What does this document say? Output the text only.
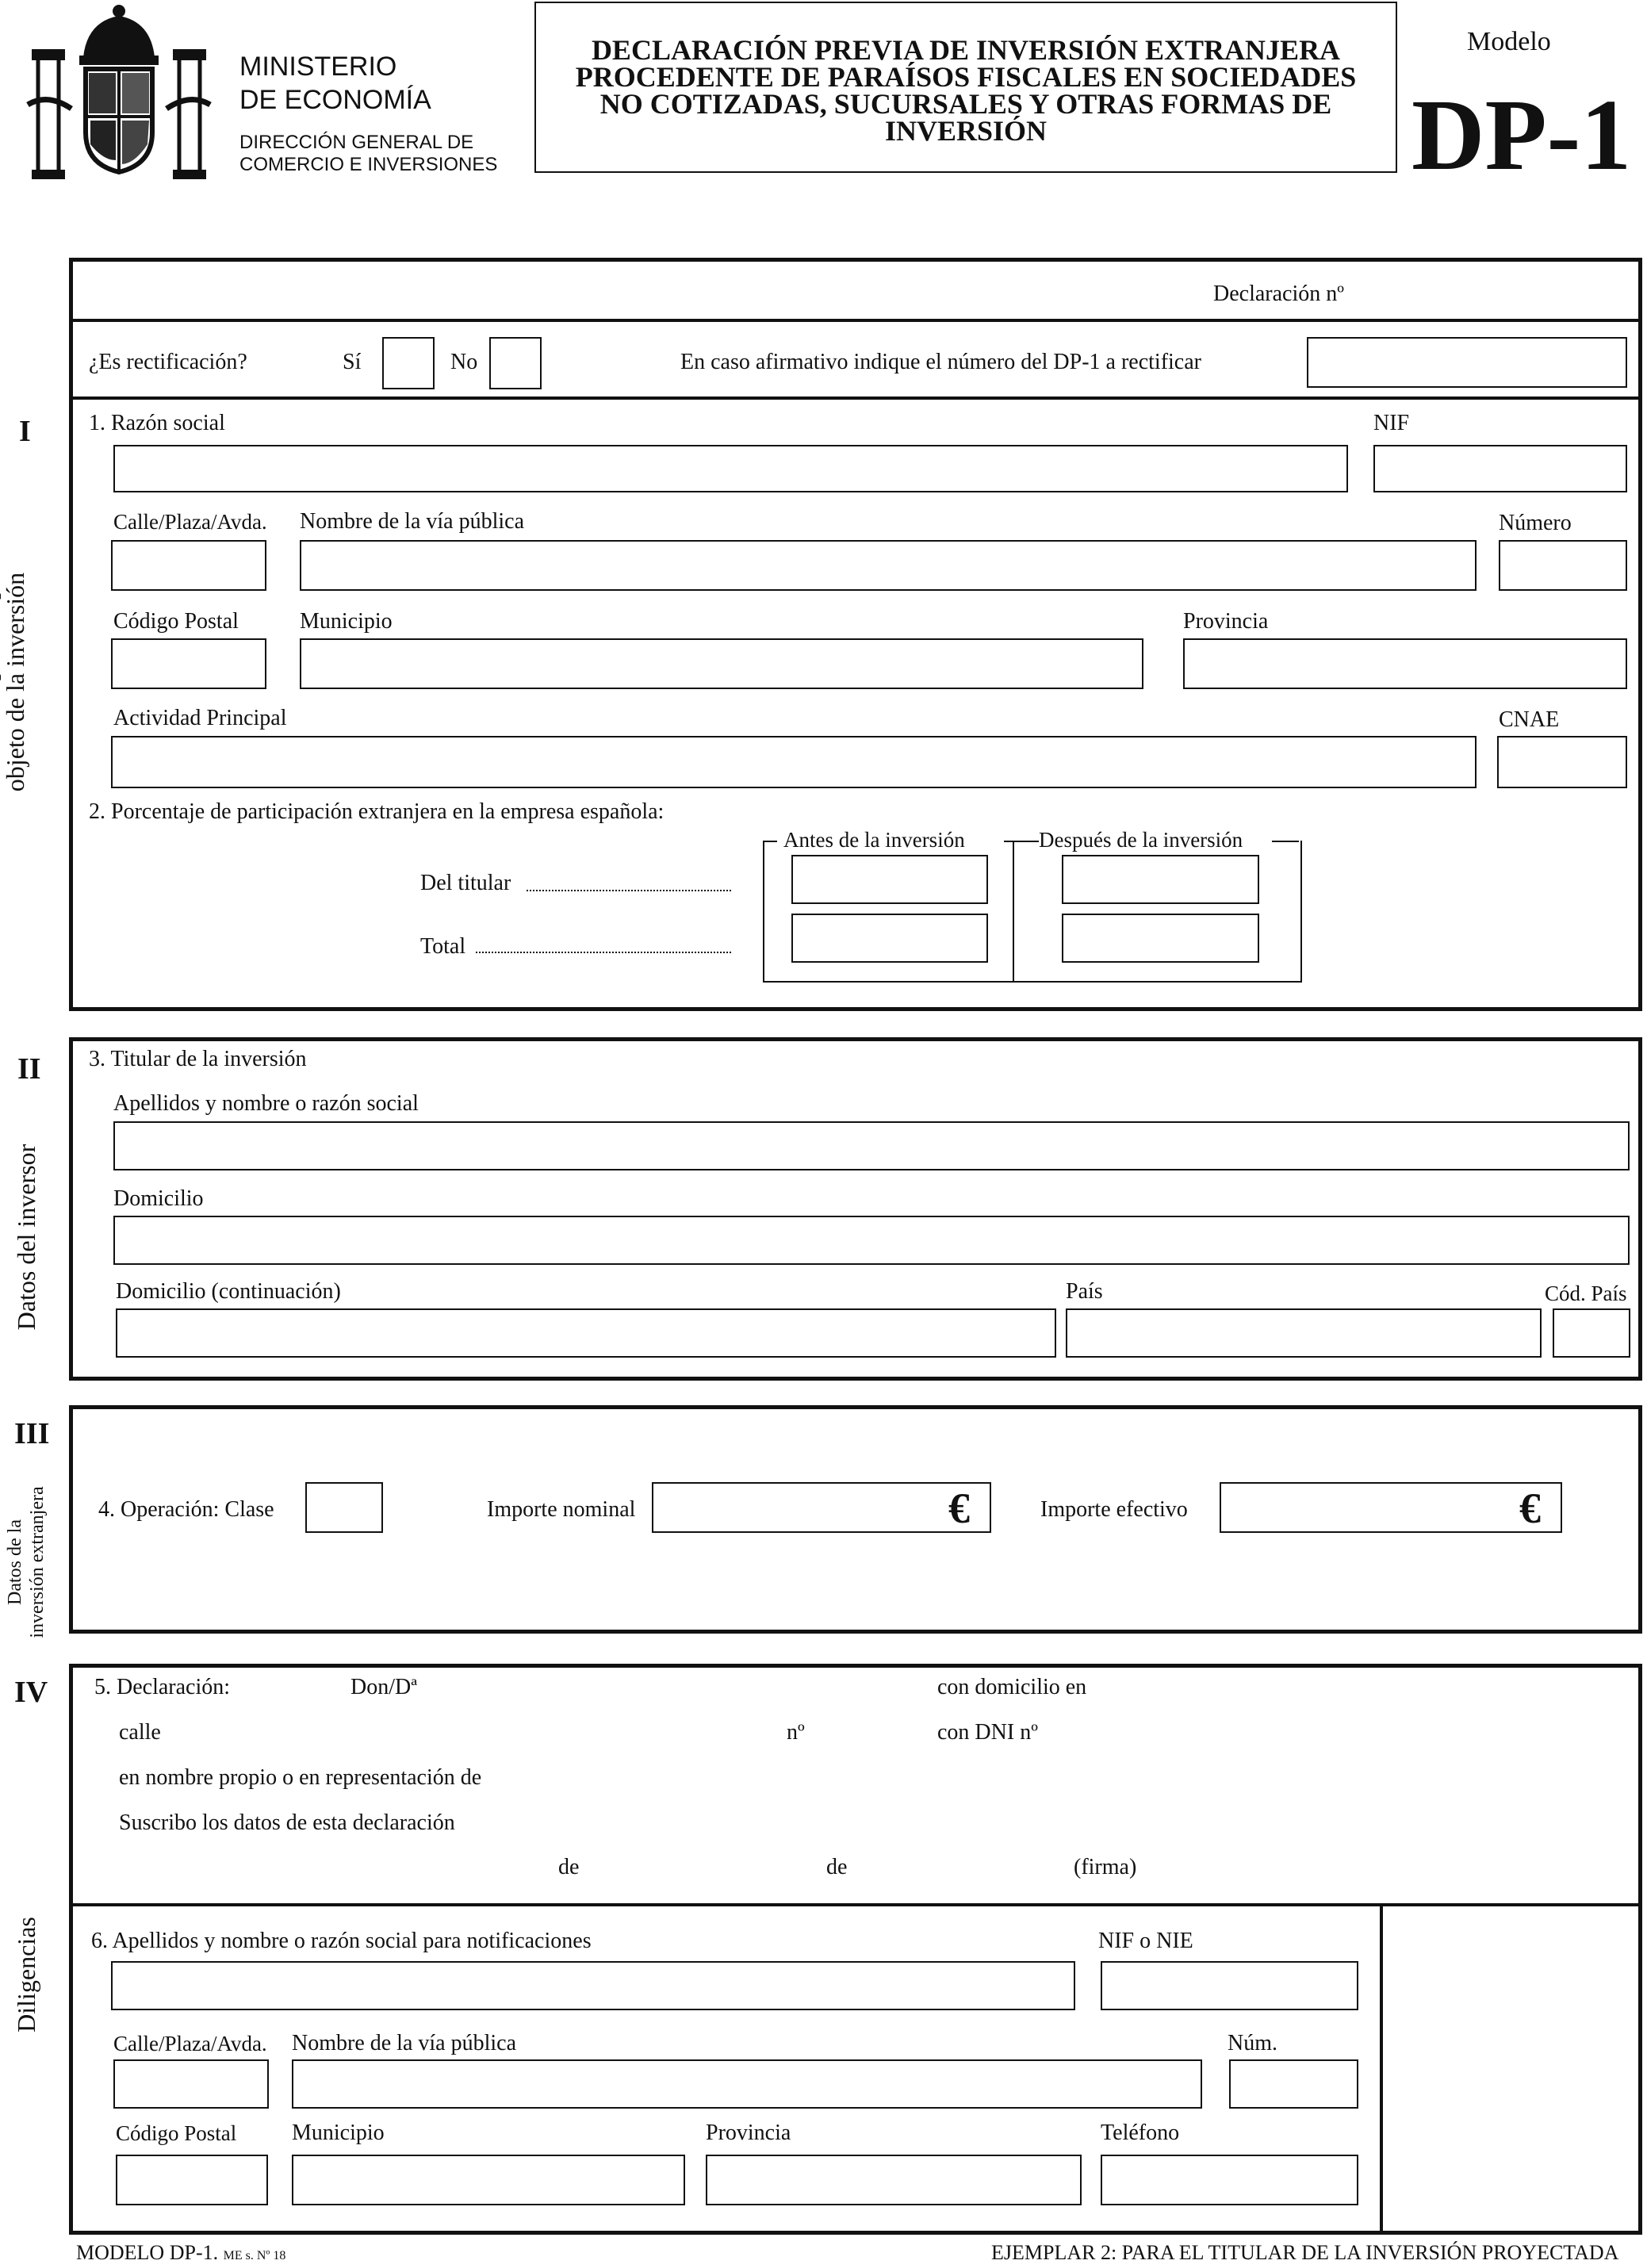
MINISTERIO
DE ECONOMÍA
DIRECCIÓN GENERAL DE
COMERCIO E INVERSIONES
DECLARACIÓN PREVIA DE INVERSIÓN EXTRANJERA
PROCEDENTE DE PARAÍSOS FISCALES EN SOCIEDADES
NO COTIZADAS, SUCURSALES Y OTRAS FORMAS DE
INVERSIÓN
Modelo
DP-1
Declaración nº
¿Es rectificación?	Sí	No	En caso afirmativo indique el número del DP-1 a rectificar
I
objeto de la inversión
1. Razón social	NIF
Calle/Plaza/Avda. Nombre de la vía pública	Número
Código Postal	Municipio	Provincia
Actividad Principal	CNAE
2. Porcentaje de participación extranjera en la empresa española:
Antes de la inversión	Después de la inversión
Del titular
Total
II
Datos del inversor
3. Titular de la inversión
Apellidos y nombre o razón social
Domicilio
Domicilio (continuación)	País	Cód. País
III
Datos de la inversión extranjera 4. Operación: Clase	Importe nominal	€	Importe efectivo	€
IV
Diligencias
5. Declaración:	Don/Dª	con domicilio en
calle	nº	con DNI nº
en nombre propio o en representación de
Suscribo los datos de esta declaración
de	de	(firma)
6. Apellidos y nombre o razón social para notificaciones	NIF o NIE
Calle/Plaza/Avda. Nombre de la vía pública	Núm.
Código Postal Municipio	Provincia	Teléfono
MODELO DP-1. ME s. Nº 18	EJEMPLAR 2: PARA EL TITULAR DE LA INVERSIÓN PROYECTADA
